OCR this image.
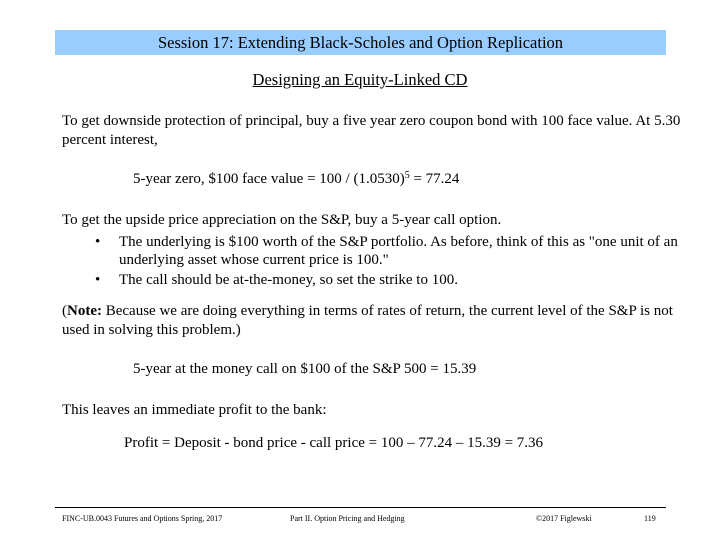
Session 17: Extending Black-Scholes and Option Replication
Designing an Equity-Linked CD
To get downside protection of principal, buy a five year zero coupon bond with 100 face value. At 5.30 percent interest,
5-year zero, $100 face value = $100 / (1.0530)^5 = 77.24$
To get the upside price appreciation on the S&P, buy a 5-year call option.
• The underlying is $100 worth of the S&P portfolio. As before, think of this as "one unit of an underlying asset whose current price is 100."
• The call should be at-the-money, so set the strike to 100.
(Note: Because we are doing everything in terms of rates of return, the current level of the S&P is not used in solving this problem.)
5-year at the money call on $100 of the S&P 500 = 15.39
This leaves an immediate profit to the bank:
Profit = Deposit - bond price - call price = 100 – 77.24 – 15.39 = 7.36
FINC-UB.0043 Futures and Options Spring, 2017	Part II. Option Pricing and Hedging	©2017 Figlewski	119
